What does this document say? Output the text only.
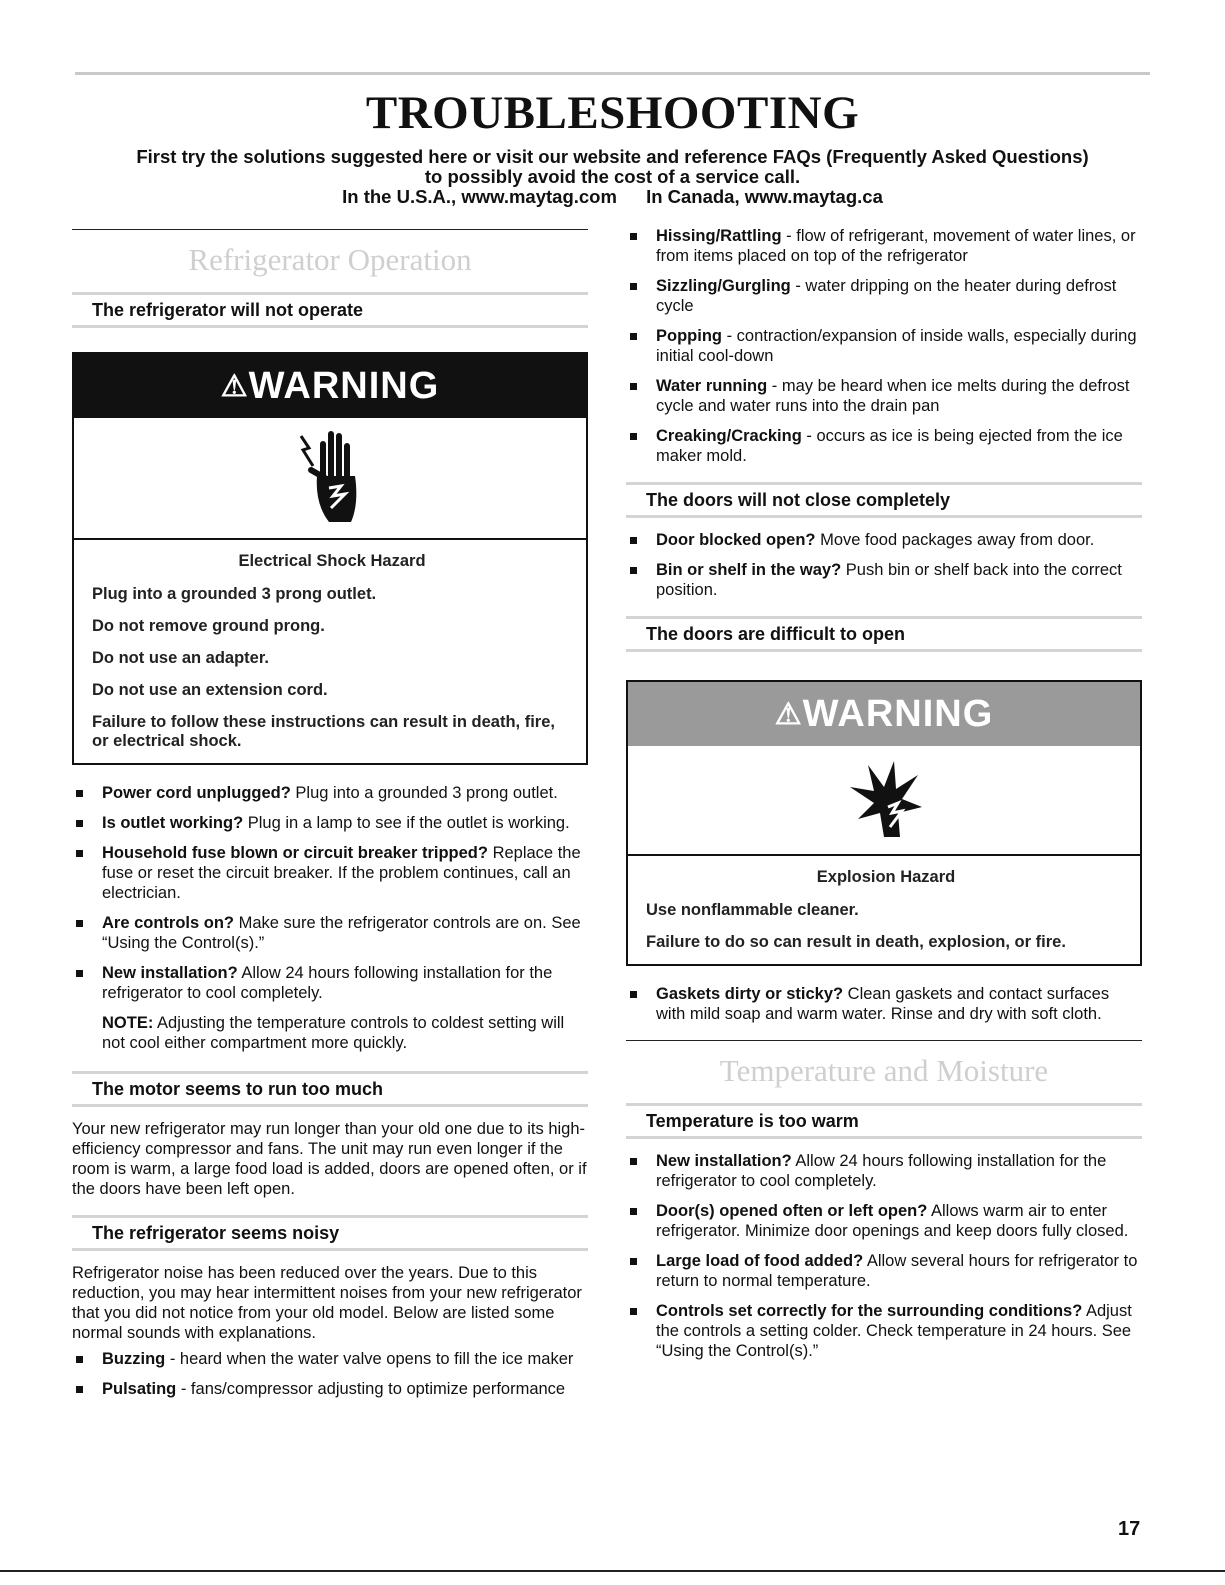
TROUBLESHOOTING
First try the solutions suggested here or visit our website and reference FAQs (Frequently Asked Questions)
to possibly avoid the cost of a service call.
In the U.S.A., www.maytag.com In Canada, www.maytag.ca
Refrigerator Operation
The refrigerator will not operate
⚠WARNING
Electrical Shock Hazard
Plug into a grounded 3 prong outlet.
Do not remove ground prong.
Do not use an adapter.
Do not use an extension cord.
Failure to follow these instructions can result in death, fire, or electrical shock.
Power cord unplugged? Plug into a grounded 3 prong outlet.
Is outlet working? Plug in a lamp to see if the outlet is working.
Household fuse blown or circuit breaker tripped? Replace the fuse or reset the circuit breaker. If the problem continues, call an electrician.
Are controls on? Make sure the refrigerator controls are on. See “Using the Control(s).”
New installation? Allow 24 hours following installation for the refrigerator to cool completely.
NOTE: Adjusting the temperature controls to coldest setting will not cool either compartment more quickly.
The motor seems to run too much
Your new refrigerator may run longer than your old one due to its high-efficiency compressor and fans. The unit may run even longer if the room is warm, a large food load is added, doors are opened often, or if the doors have been left open.
The refrigerator seems noisy
Refrigerator noise has been reduced over the years. Due to this reduction, you may hear intermittent noises from your new refrigerator that you did not notice from your old model. Below are listed some normal sounds with explanations.
Buzzing - heard when the water valve opens to fill the ice maker
Pulsating - fans/compressor adjusting to optimize performance
Hissing/Rattling - flow of refrigerant, movement of water lines, or from items placed on top of the refrigerator
Sizzling/Gurgling - water dripping on the heater during defrost cycle
Popping - contraction/expansion of inside walls, especially during initial cool-down
Water running - may be heard when ice melts during the defrost cycle and water runs into the drain pan
Creaking/Cracking - occurs as ice is being ejected from the ice maker mold.
The doors will not close completely
Door blocked open? Move food packages away from door.
Bin or shelf in the way? Push bin or shelf back into the correct position.
The doors are difficult to open
⚠WARNING
Explosion Hazard
Use nonflammable cleaner.
Failure to do so can result in death, explosion, or fire.
Gaskets dirty or sticky? Clean gaskets and contact surfaces with mild soap and warm water. Rinse and dry with soft cloth.
Temperature and Moisture
Temperature is too warm
New installation? Allow 24 hours following installation for the refrigerator to cool completely.
Door(s) opened often or left open? Allows warm air to enter refrigerator. Minimize door openings and keep doors fully closed.
Large load of food added? Allow several hours for refrigerator to return to normal temperature.
Controls set correctly for the surrounding conditions? Adjust the controls a setting colder. Check temperature in 24 hours. See “Using the Control(s).”
17
